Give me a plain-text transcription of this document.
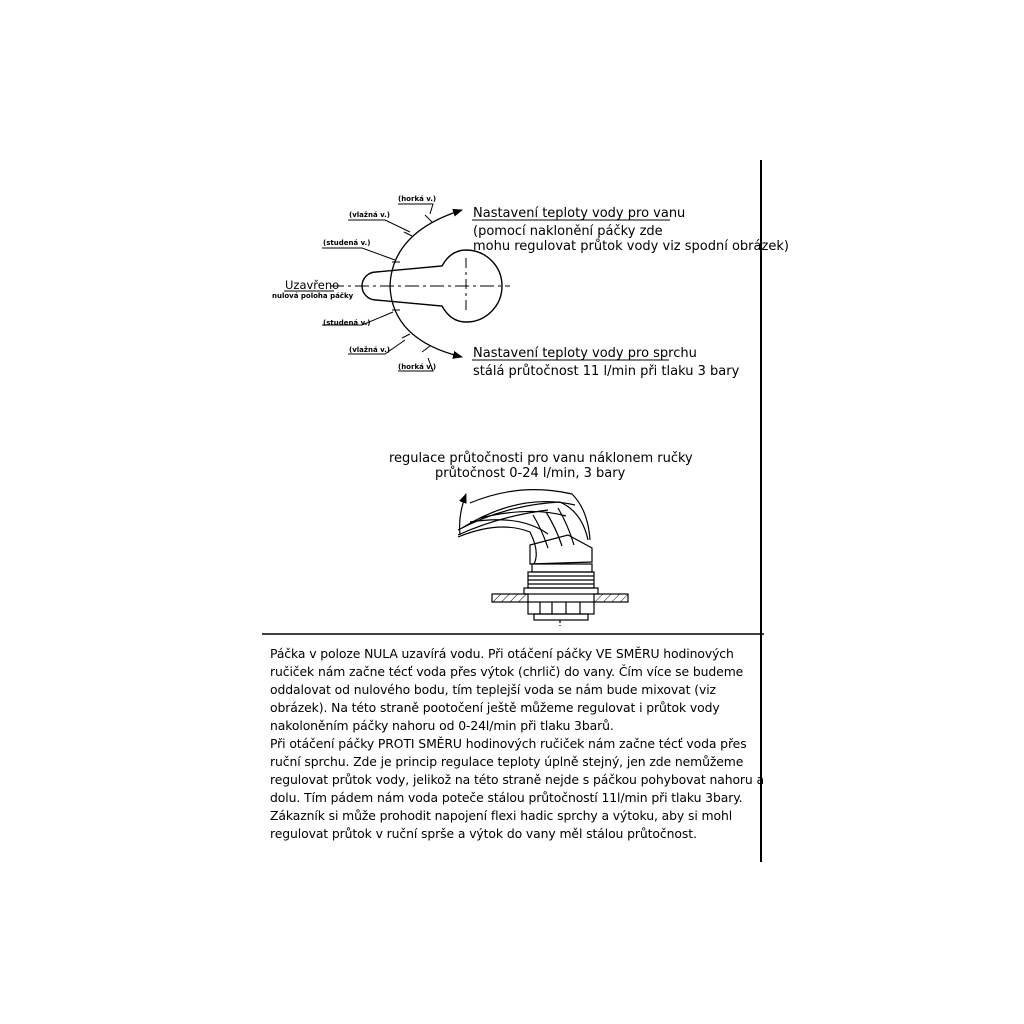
(horká v.)
(vlažná v.)
(studená v.)
(studená v.)
(vlažná v.)
(horká v.)
Uzavřeno
nulová poloha páčky
Nastavení teploty vody pro vanu
(pomocí naklonění páčky zde
mohu regulovat průtok vody viz spodní obrázek)
Nastavení teploty vody pro sprchu
stálá průtočnost 11 l/min při tlaku 3 bary
regulace průtočnosti pro vanu náklonem ručky
průtočnost 0-24 l/min, 3 bary
Páčka v poloze NULA uzavírá vodu. Při otáčení páčky VE SMĚRU hodinových
ručiček nám začne técť voda přes výtok (chrlič) do vany. Čím více se budeme
oddalovat od nulového bodu, tím teplejší voda se nám bude mixovat (viz
obrázek). Na této straně pootočení ještě můžeme regulovat i průtok vody
nakoloněním páčky nahoru od 0-24l/min při tlaku 3barů.
Při otáčení páčky PROTI SMĚRU hodinových ručiček nám začne técť voda přes
ruční sprchu. Zde je princip regulace teploty úplně stejný, jen zde nemůžeme
regulovat průtok vody, jelikož na této straně nejde s páčkou pohybovat nahoru a
dolu. Tím pádem nám voda poteče stálou průtočností 11l/min při tlaku 3bary.
Zákazník si může prohodit napojení flexi hadic sprchy a výtoku, aby si mohl
regulovat průtok v ruční sprše a výtok do vany měl stálou průtočnost.
